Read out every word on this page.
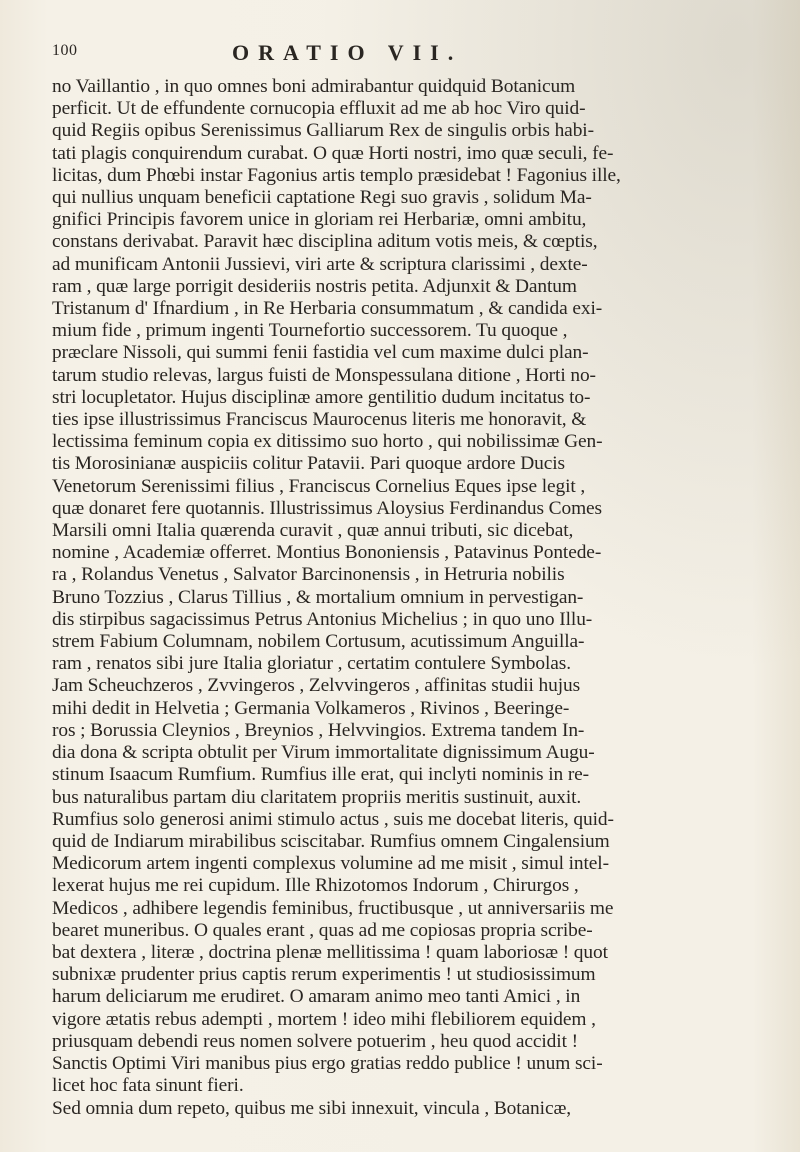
100	ORATIO VII.

no Vaillantio , in quo omnes boni admirabantur quidquid Botanicum
perficit. Ut de effundente cornucopia effluxit ad me ab hoc Viro quid-
quid Regiis opibus Serenissimus Galliarum Rex de singulis orbis habi-
tati plagis conquirendum curabat. O quæ Horti nostri, imo quæ seculi, fe-
licitas, dum Phœbi instar Fagonius artis templo præsidebat ! Fagonius ille,
qui nullius unquam beneficii captatione Regi suo gravis , solidum Ma-
gnifici Principis favorem unice in gloriam rei Herbariæ, omni ambitu,
constans derivabat. Paravit hæc disciplina aditum votis meis, & cœptis,
ad munificam Antonii Jussievi, viri arte & scriptura clarissimi , dexte-
ram , quæ large porrigit desideriis nostris petita. Adjunxit & Dantum
Tristanum d' Ifnardium , in Re Herbaria consummatum , & candida exi-
mium fide , primum ingenti Tournefortio successorem. Tu quoque ,
præclare Nissoli, qui summi fenii fastidia vel cum maxime dulci plan-
tarum studio relevas, largus fuisti de Monspessulana ditione , Horti no-
stri locupletator. Hujus disciplinæ amore gentilitio dudum incitatus to-
ties ipse illustrissimus Franciscus Maurocenus literis me honoravit, &
lectissima feminum copia ex ditissimo suo horto , qui nobilissimæ Gen-
tis Morosinianæ auspiciis colitur Patavii. Pari quoque ardore Ducis
Venetorum Serenissimi filius , Franciscus Cornelius Eques ipse legit ,
quæ donaret fere quotannis. Illustrissimus Aloysius Ferdinandus Comes
Marsili omni Italia quærenda curavit , quæ annui tributi, sic dicebat,
nomine , Academiæ offerret. Montius Bononiensis , Patavinus Pontede-
ra , Rolandus Venetus , Salvator Barcinonensis , in Hetruria nobilis
Bruno Tozzius , Clarus Tillius , & mortalium omnium in pervestigan-
dis stirpibus sagacissimus Petrus Antonius Michelius ; in quo uno Illu-
strem Fabium Columnam, nobilem Cortusum, acutissimum Anguilla-
ram , renatos sibi jure Italia gloriatur , certatim contulere Symbolas.
Jam Scheuchzeros , Zvvingeros , Zelvvingeros , affinitas studii hujus
mihi dedit in Helvetia ; Germania Volkameros , Rivinos , Beeringe-
ros ; Borussia Cleynios , Breynios , Helvvingios. Extrema tandem In-
dia dona & scripta obtulit per Virum immortalitate dignissimum Augu-
stinum Isaacum Rumfium. Rumfius ille erat, qui inclyti nominis in re-
bus naturalibus partam diu claritatem propriis meritis sustinuit, auxit.
Rumfius solo generosi animi stimulo actus , suis me docebat literis, quid-
quid de Indiarum mirabilibus sciscitabar. Rumfius omnem Cingalensium
Medicorum artem ingenti complexus volumine ad me misit , simul intel-
lexerat hujus me rei cupidum. Ille Rhizotomos Indorum , Chirurgos ,
Medicos , adhibere legendis feminibus, fructibusque , ut anniversariis me
bearet muneribus. O quales erant , quas ad me copiosas propria scribe-
bat dextera , literæ , doctrina plenæ mellitissima ! quam laboriosæ ! quot
subnixæ prudenter prius captis rerum experimentis ! ut studiosissimum
harum deliciarum me erudiret. O amaram animo meo tanti Amici , in
vigore ætatis rebus adempti , mortem ! ideo mihi flebiliorem equidem ,
priusquam debendi reus nomen solvere potuerim , heu quod accidit !
Sanctis Optimi Viri manibus pius ergo gratias reddo publice ! unum sci-
licet hoc fata sinunt fieri.

Sed omnia dum repeto, quibus me sibi innexuit, vincula , Botanicæ,
